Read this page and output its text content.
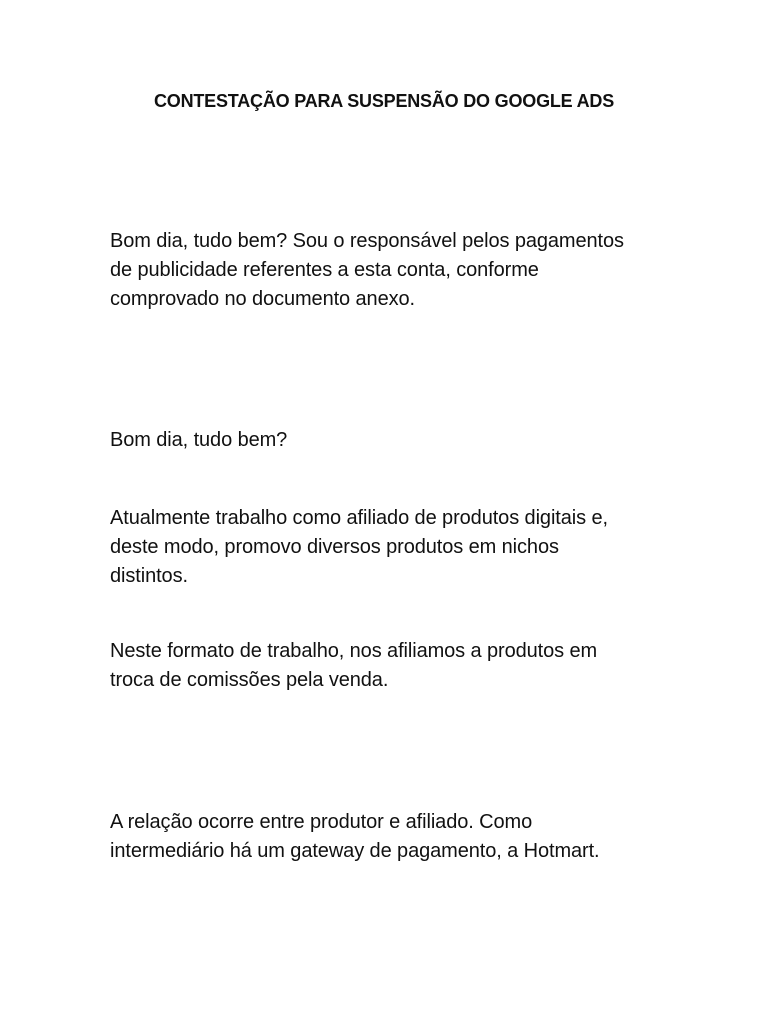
CONTESTAÇÃO PARA SUSPENSÃO DO GOOGLE ADS
Bom dia, tudo bem? Sou o responsável pelos pagamentos
de publicidade referentes a esta conta, conforme
comprovado no documento anexo.
Bom dia, tudo bem?
Atualmente trabalho como afiliado de produtos digitais e,
deste modo, promovo diversos produtos em nichos
distintos.
Neste formato de trabalho, nos afiliamos a produtos em
troca de comissões pela venda.
A relação ocorre entre produtor e afiliado. Como
intermediário há um gateway de pagamento, a Hotmart.
